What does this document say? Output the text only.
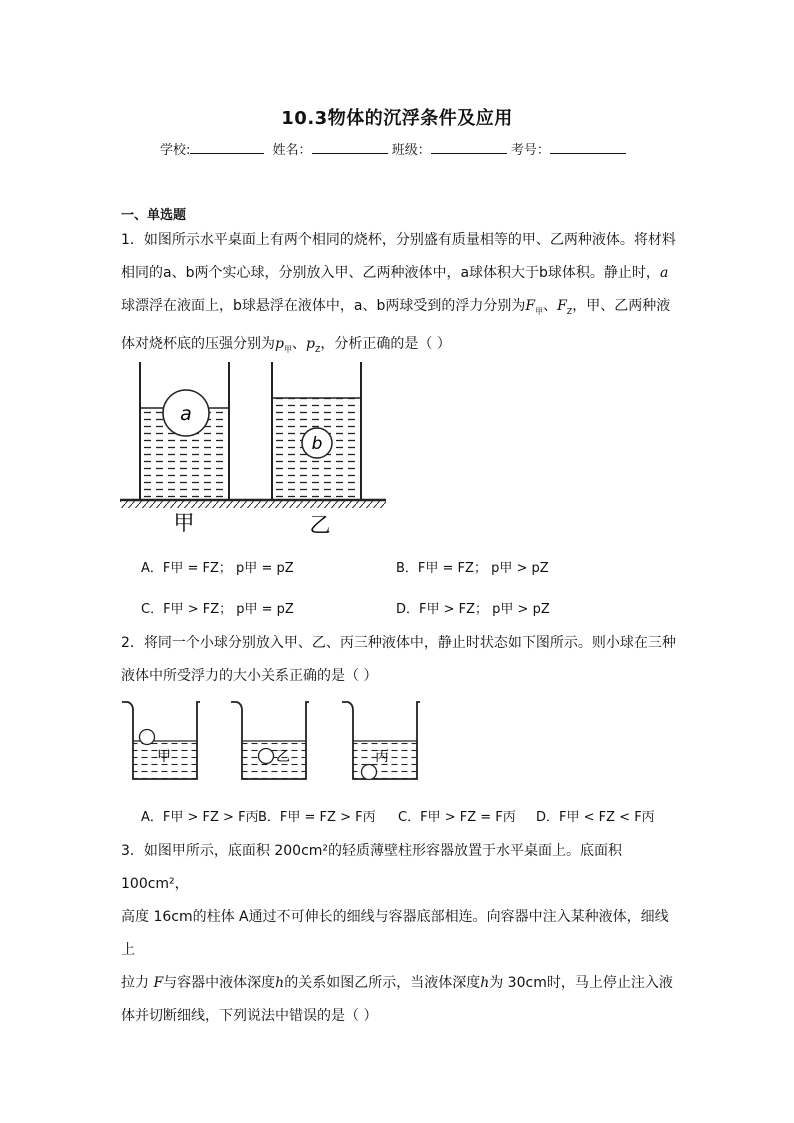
10.3物体的沉浮条件及应用
学校:	姓名：	班级：	考号：
一、单选题
1．如图所示水平桌面上有两个相同的烧杯，分别盛有质量相等的甲、乙两种液体。将材料
相同的a、b两个实心球，分别放入甲、乙两种液体中，a球体积大于b球体积。静止时，a
球漂浮在液面上，b球悬浮在液体中，a、b两球受到的浮力分别为$F_甲$、$F_Z$，甲、乙两种液
体对烧杯底的压强分别为$p_甲$、$p_Z$，分析正确的是（ ）
a
b
甲	乙
A．F甲 = FZ； p甲 = pZ	B．F甲 = FZ； p甲 > pZ
C．F甲 > FZ； p甲 = pZ	D．F甲 > FZ； p甲 > pZ
2．将同一个小球分别放入甲、乙、丙三种液体中，静止时状态如下图所示。则小球在三种
液体中所受浮力的大小关系正确的是（ ）
甲	乙	丙
A．F甲 > FZ > F丙 B．F甲 = FZ > F丙 C．F甲 > FZ = F丙 D．F甲 < FZ < F丙
3．如图甲所示，底面积 200cm²的轻质薄壁柱形容器放置于水平桌面上。底面积 100cm²，
高度 16cm的柱体 A通过不可伸长的细线与容器底部相连。向容器中注入某种液体，细线上
拉力 F与容器中液体深度h的关系如图乙所示，当液体深度h为 30cm时，马上停止注入液
体并切断细线，下列说法中错误的是（ ）
